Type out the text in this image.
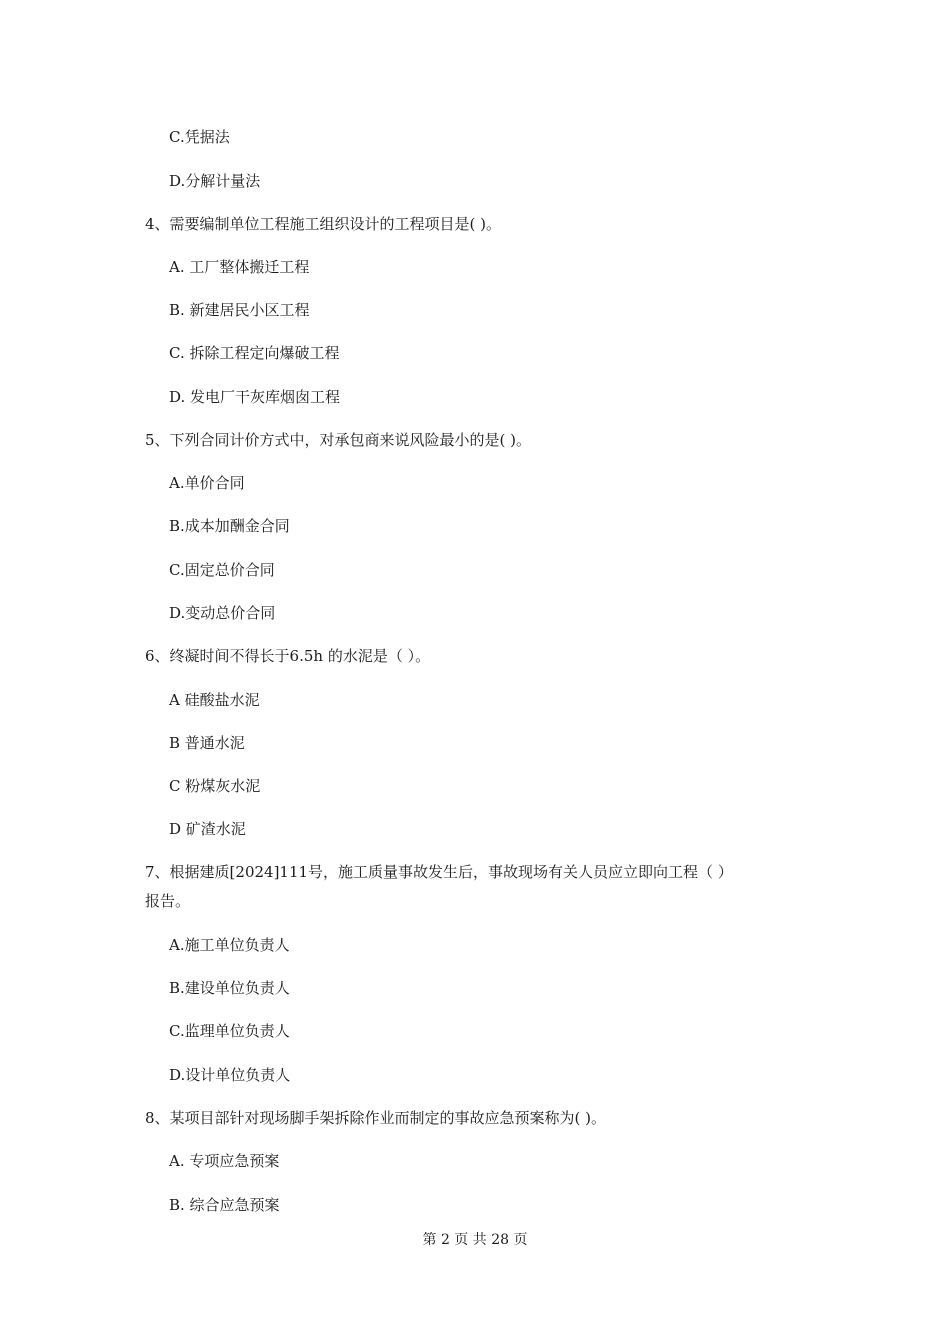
C.凭据法
D.分解计量法
4、需要编制单位工程施工组织设计的工程项目是( )。
A. 工厂整体搬迁工程
B. 新建居民小区工程
C. 拆除工程定向爆破工程
D. 发电厂干灰库烟囱工程
5、下列合同计价方式中，对承包商来说风险最小的是( )。
A.单价合同
B.成本加酬金合同
C.固定总价合同
D.变动总价合同
6、终凝时间不得长于6.5h 的水泥是（ ）。
A 硅酸盐水泥
B 普通水泥
C 粉煤灰水泥
D 矿渣水泥
7、根据建质[2024]111号，施工质量事故发生后，事故现场有关人员应立即向工程（ ）
报告。
A.施工单位负责人
B.建设单位负责人
C.监理单位负责人
D.设计单位负责人
8、某项目部针对现场脚手架拆除作业而制定的事故应急预案称为( )。
A. 专项应急预案
B. 综合应急预案
第 2 页 共 28 页
